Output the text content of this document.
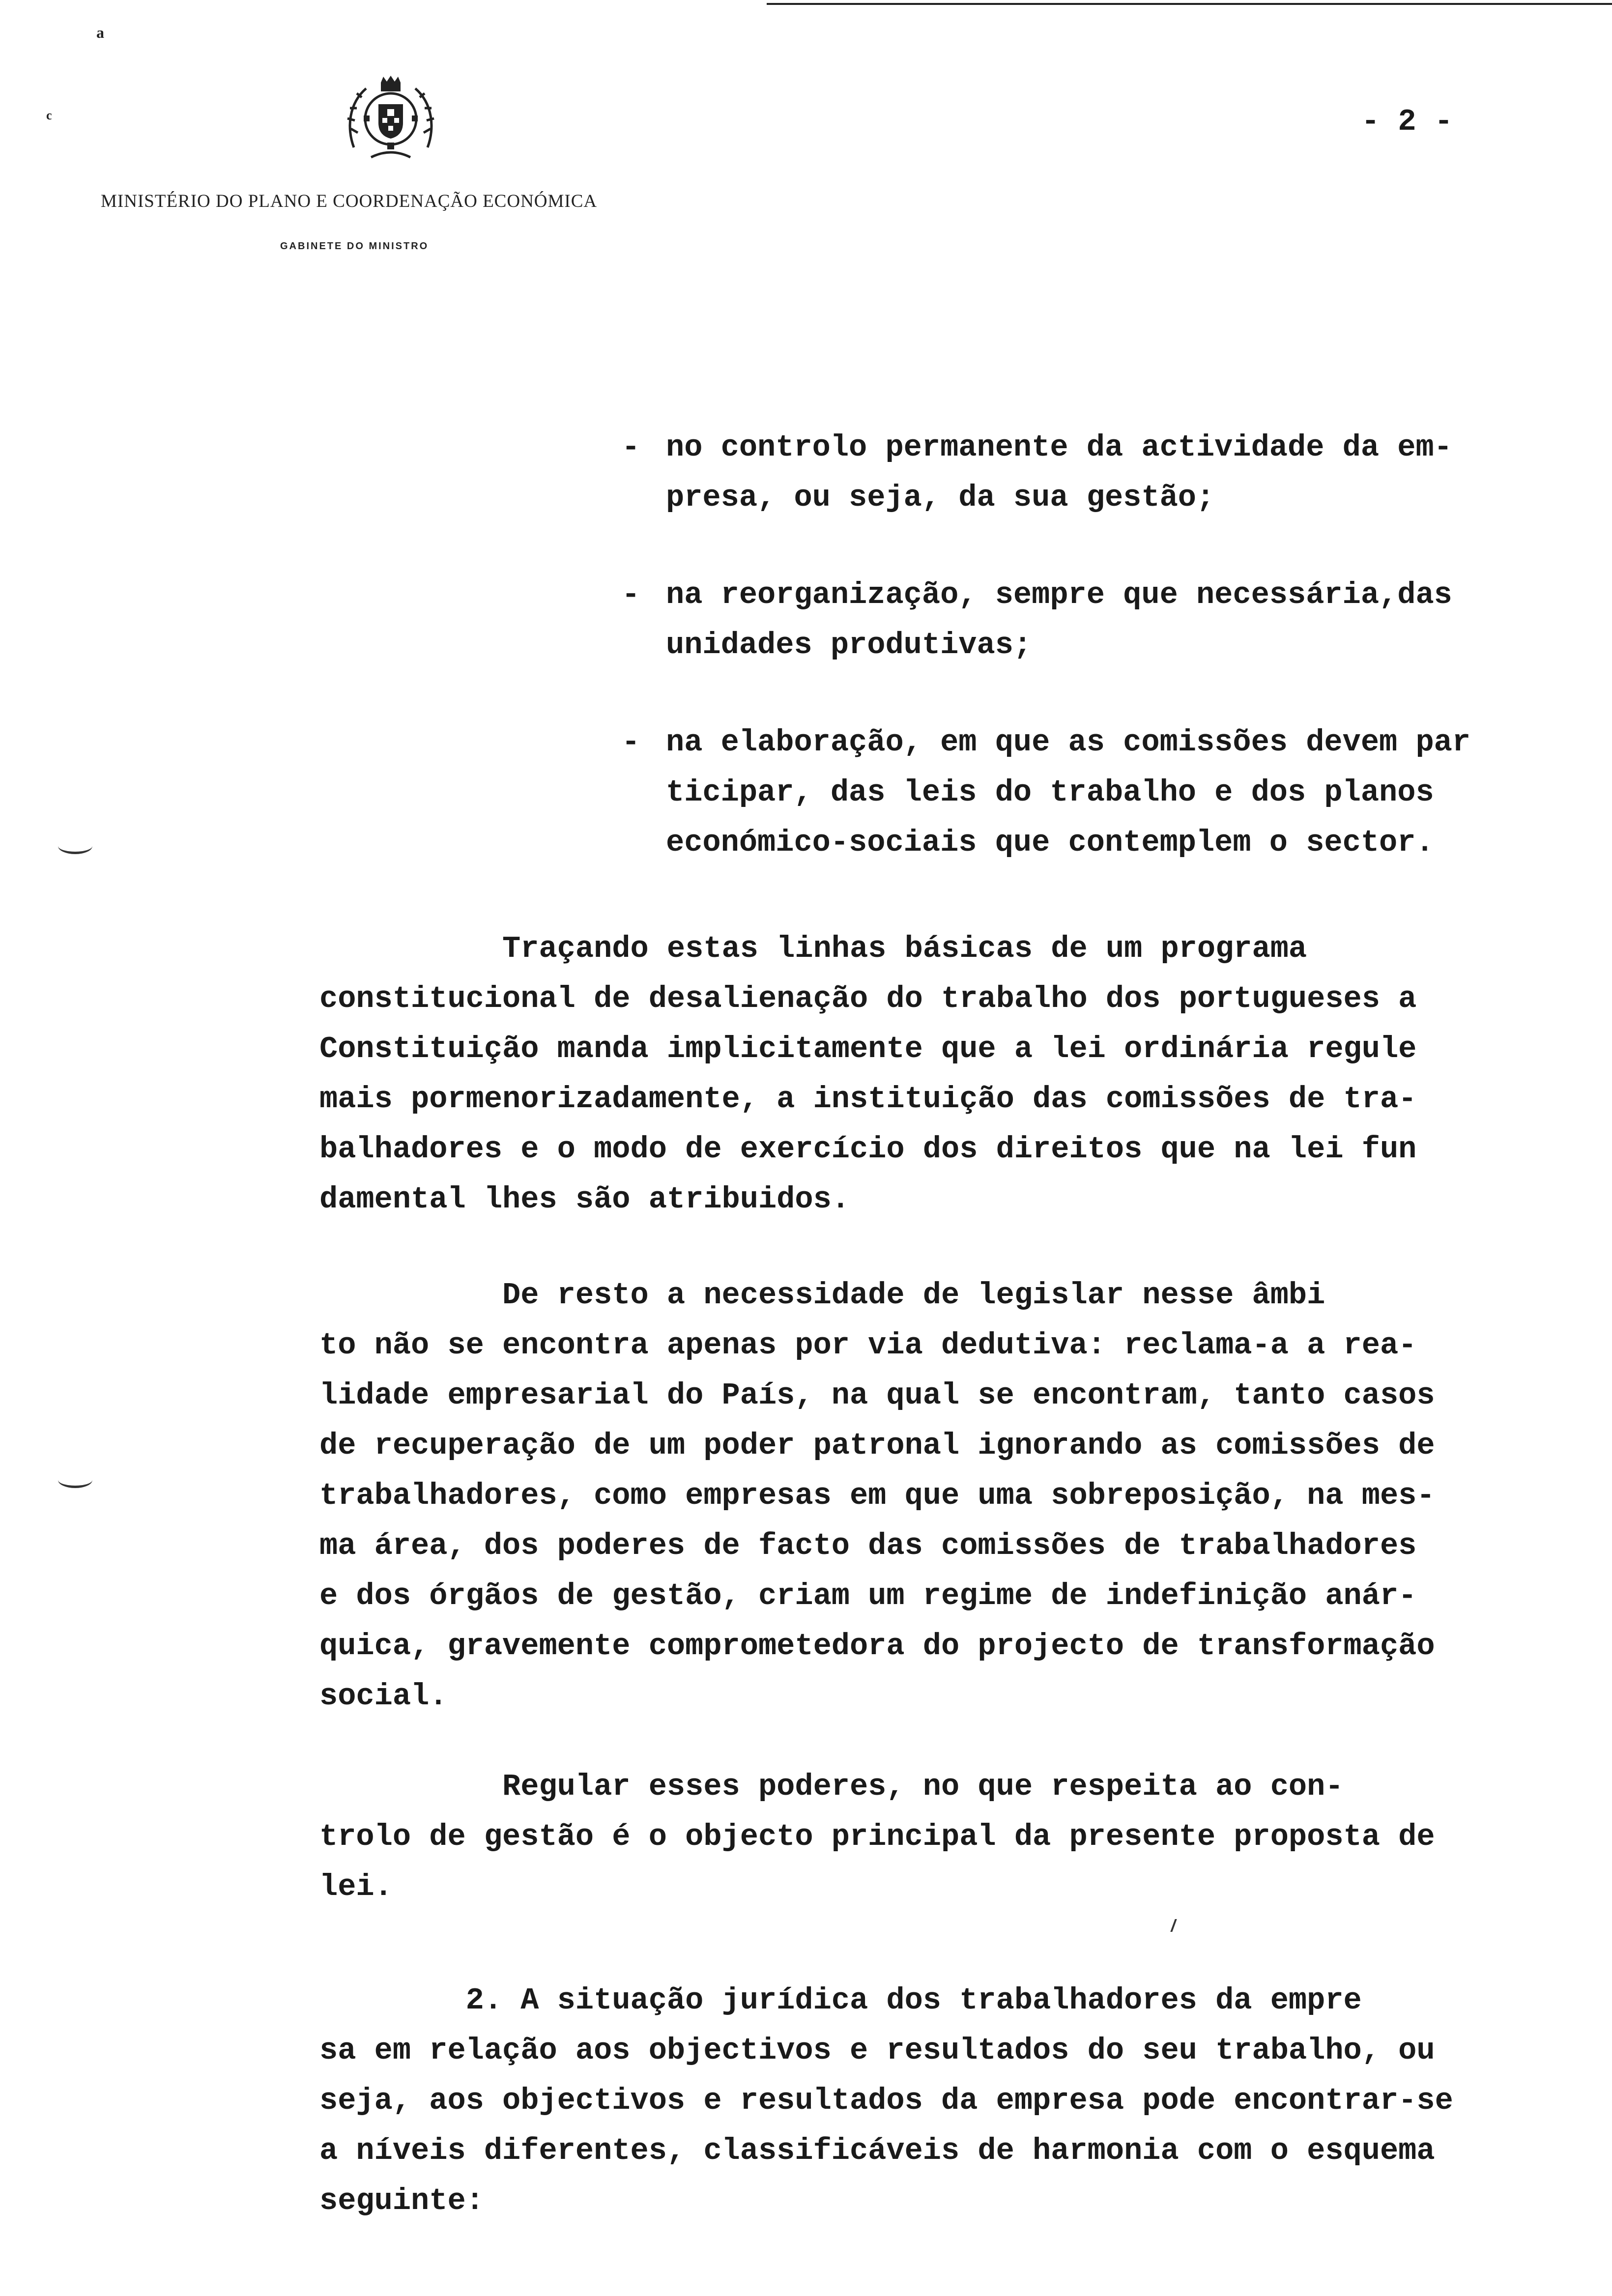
a
c
MINISTÉRIO DO PLANO E COORDENAÇÃO ECONÓMICA
GABINETE DO MINISTRO
- 2 -
- no controlo permanente da actividade da em-
presa, ou seja, da sua gestão;
- na reorganização, sempre que necessária,das
unidades produtivas;
- na elaboração, em que as comissões devem par
ticipar, das leis do trabalho e dos planos
económico-sociais que contemplem o sector.
Traçando estas linhas básicas de um programa
constitucional de desalienação do trabalho dos portugueses a
Constituição manda implicitamente que a lei ordinária regule
mais pormenorizadamente, a instituição das comissões de tra-
balhadores e o modo de exercício dos direitos que na lei fun
damental lhes são atribuidos.
De resto a necessidade de legislar nesse âmbi
to não se encontra apenas por via dedutiva: reclama-a a rea-
lidade empresarial do País, na qual se encontram, tanto casos
de recuperação de um poder patronal ignorando as comissões de
trabalhadores, como empresas em que uma sobreposição, na mes-
ma área, dos poderes de facto das comissões de trabalhadores
e dos órgãos de gestão, criam um regime de indefinição anár-
quica, gravemente comprometedora do projecto de transformação
social.
Regular esses poderes, no que respeita ao con-
trolo de gestão é o objecto principal da presente proposta de
lei.
2. A situação jurídica dos trabalhadores da empre
sa em relação aos objectivos e resultados do seu trabalho, ou
seja, aos objectivos e resultados da empresa pode encontrar-se
a níveis diferentes, classificáveis de harmonia com o esquema
seguinte:
